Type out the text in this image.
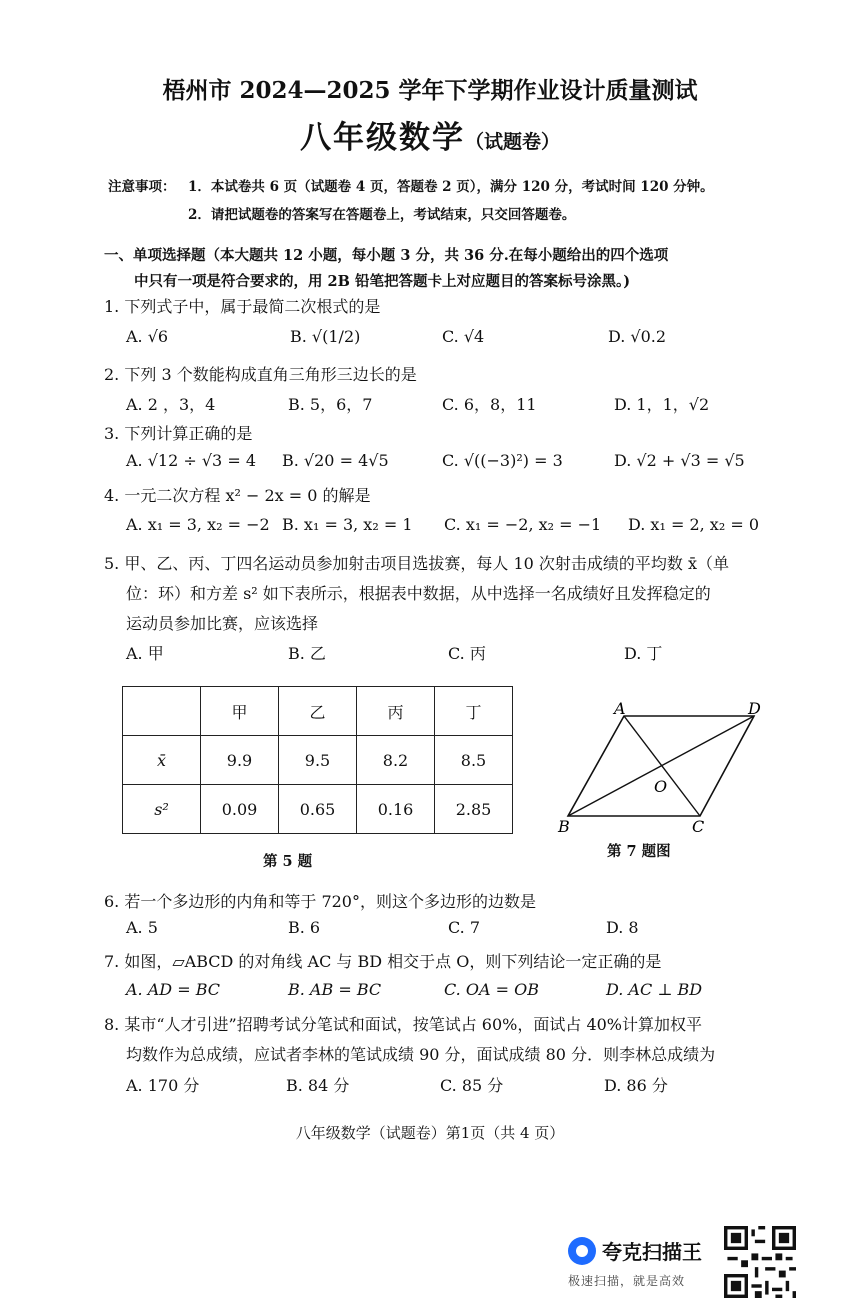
梧州市 2024—2025 学年下学期作业设计质量测试
八年级数学（试题卷）
注意事项： 1．本试卷共 6 页（试题卷 4 页，答题卷 2 页），满分 120 分，考试时间 120 分钟。
2．请把试题卷的答案写在答题卷上，考试结束，只交回答题卷。
一、单项选择题（本大题共 12 小题，每小题 3 分，共 36 分.在每小题给出的四个选项
中只有一项是符合要求的，用 2B 铅笔把答题卡上对应题目的答案标号涂黑。)
1. 下列式子中，属于最简二次根式的是
A. √6	B. √(1/2)	C. √4	D. √0.2
2. 下列 3 个数能构成直角三角形三边长的是
A. 2 ，3，4	B. 5，6，7	C. 6，8，11	D. 1，1，√2
3. 下列计算正确的是
A. √12 ÷ √3 = 4 B. √20 = 4√5	C. √((−3)²) = 3	D. √2 + √3 = √5
4. 一元二次方程 x² − 2x = 0 的解是
A. x₁ = 3, x₂ = −2 B. x₁ = 3, x₂ = 1 C. x₁ = −2, x₂ = −1 D. x₁ = 2, x₂ = 0
5. 甲、乙、丙、丁四名运动员参加射击项目选拔赛，每人 10 次射击成绩的平均数 x̄（单
位：环）和方差 s² 如下表所示，根据表中数据，从中选择一名成绩好且发挥稳定的
运动员参加比赛，应该选择
A. 甲	B. 乙	C. 丙	D. 丁
	甲	乙	丙	丁
x̄	9.9	9.5	8.2	8.5
s²	0.09	0.65	0.16	2.85
第 5 题
A	D
B	C
O
第 7 题图
6. 若一个多边形的内角和等于 720°，则这个多边形的边数是
A. 5	B. 6	C. 7	D. 8
7. 如图，▱ABCD 的对角线 AC 与 BD 相交于点 O，则下列结论一定正确的是
A. AD = BC	B. AB = BC	C. OA = OB	D. AC ⊥ BD
8. 某市“人才引进”招聘考试分笔试和面试，按笔试占 60%，面试占 40%计算加权平
均数作为总成绩，应试者李林的笔试成绩 90 分，面试成绩 80 分．则李林总成绩为
A. 170 分	B. 84 分	C. 85 分	D. 86 分
八年级数学（试题卷）第1页（共 4 页）
夸克扫描王
极速扫描，就是高效
